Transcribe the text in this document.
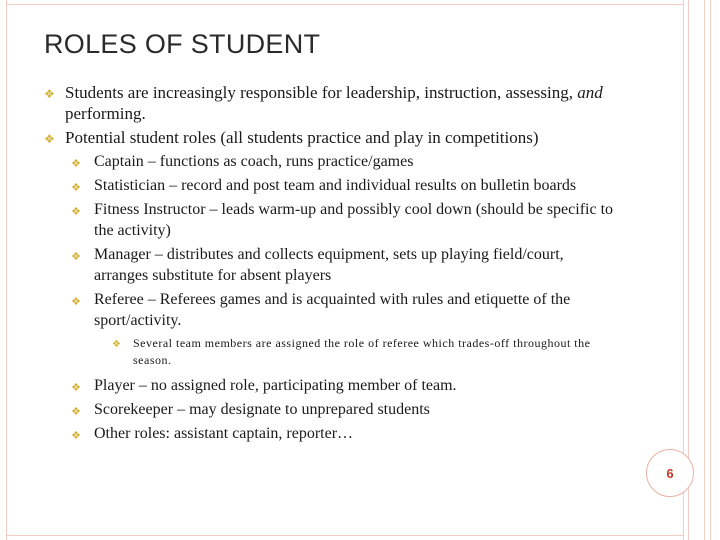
ROLES OF STUDENT
❖ Students are increasingly responsible for leadership, instruction, assessing, and performing.
❖ Potential student roles (all students practice and play in competitions)
❖ Captain – functions as coach, runs practice/games
❖ Statistician – record and post team and individual results on bulletin boards
❖ Fitness Instructor – leads warm-up and possibly cool down (should be specific to the activity)
❖ Manager – distributes and collects equipment, sets up playing field/court, arranges substitute for absent players
❖ Referee – Referees games and is acquainted with rules and etiquette of the sport/activity.
❖ Several team members are assigned the role of referee which trades-off throughout the season.
❖ Player – no assigned role, participating member of team.
❖ Scorekeeper – may designate to unprepared students
❖ Other roles: assistant captain, reporter…
6
